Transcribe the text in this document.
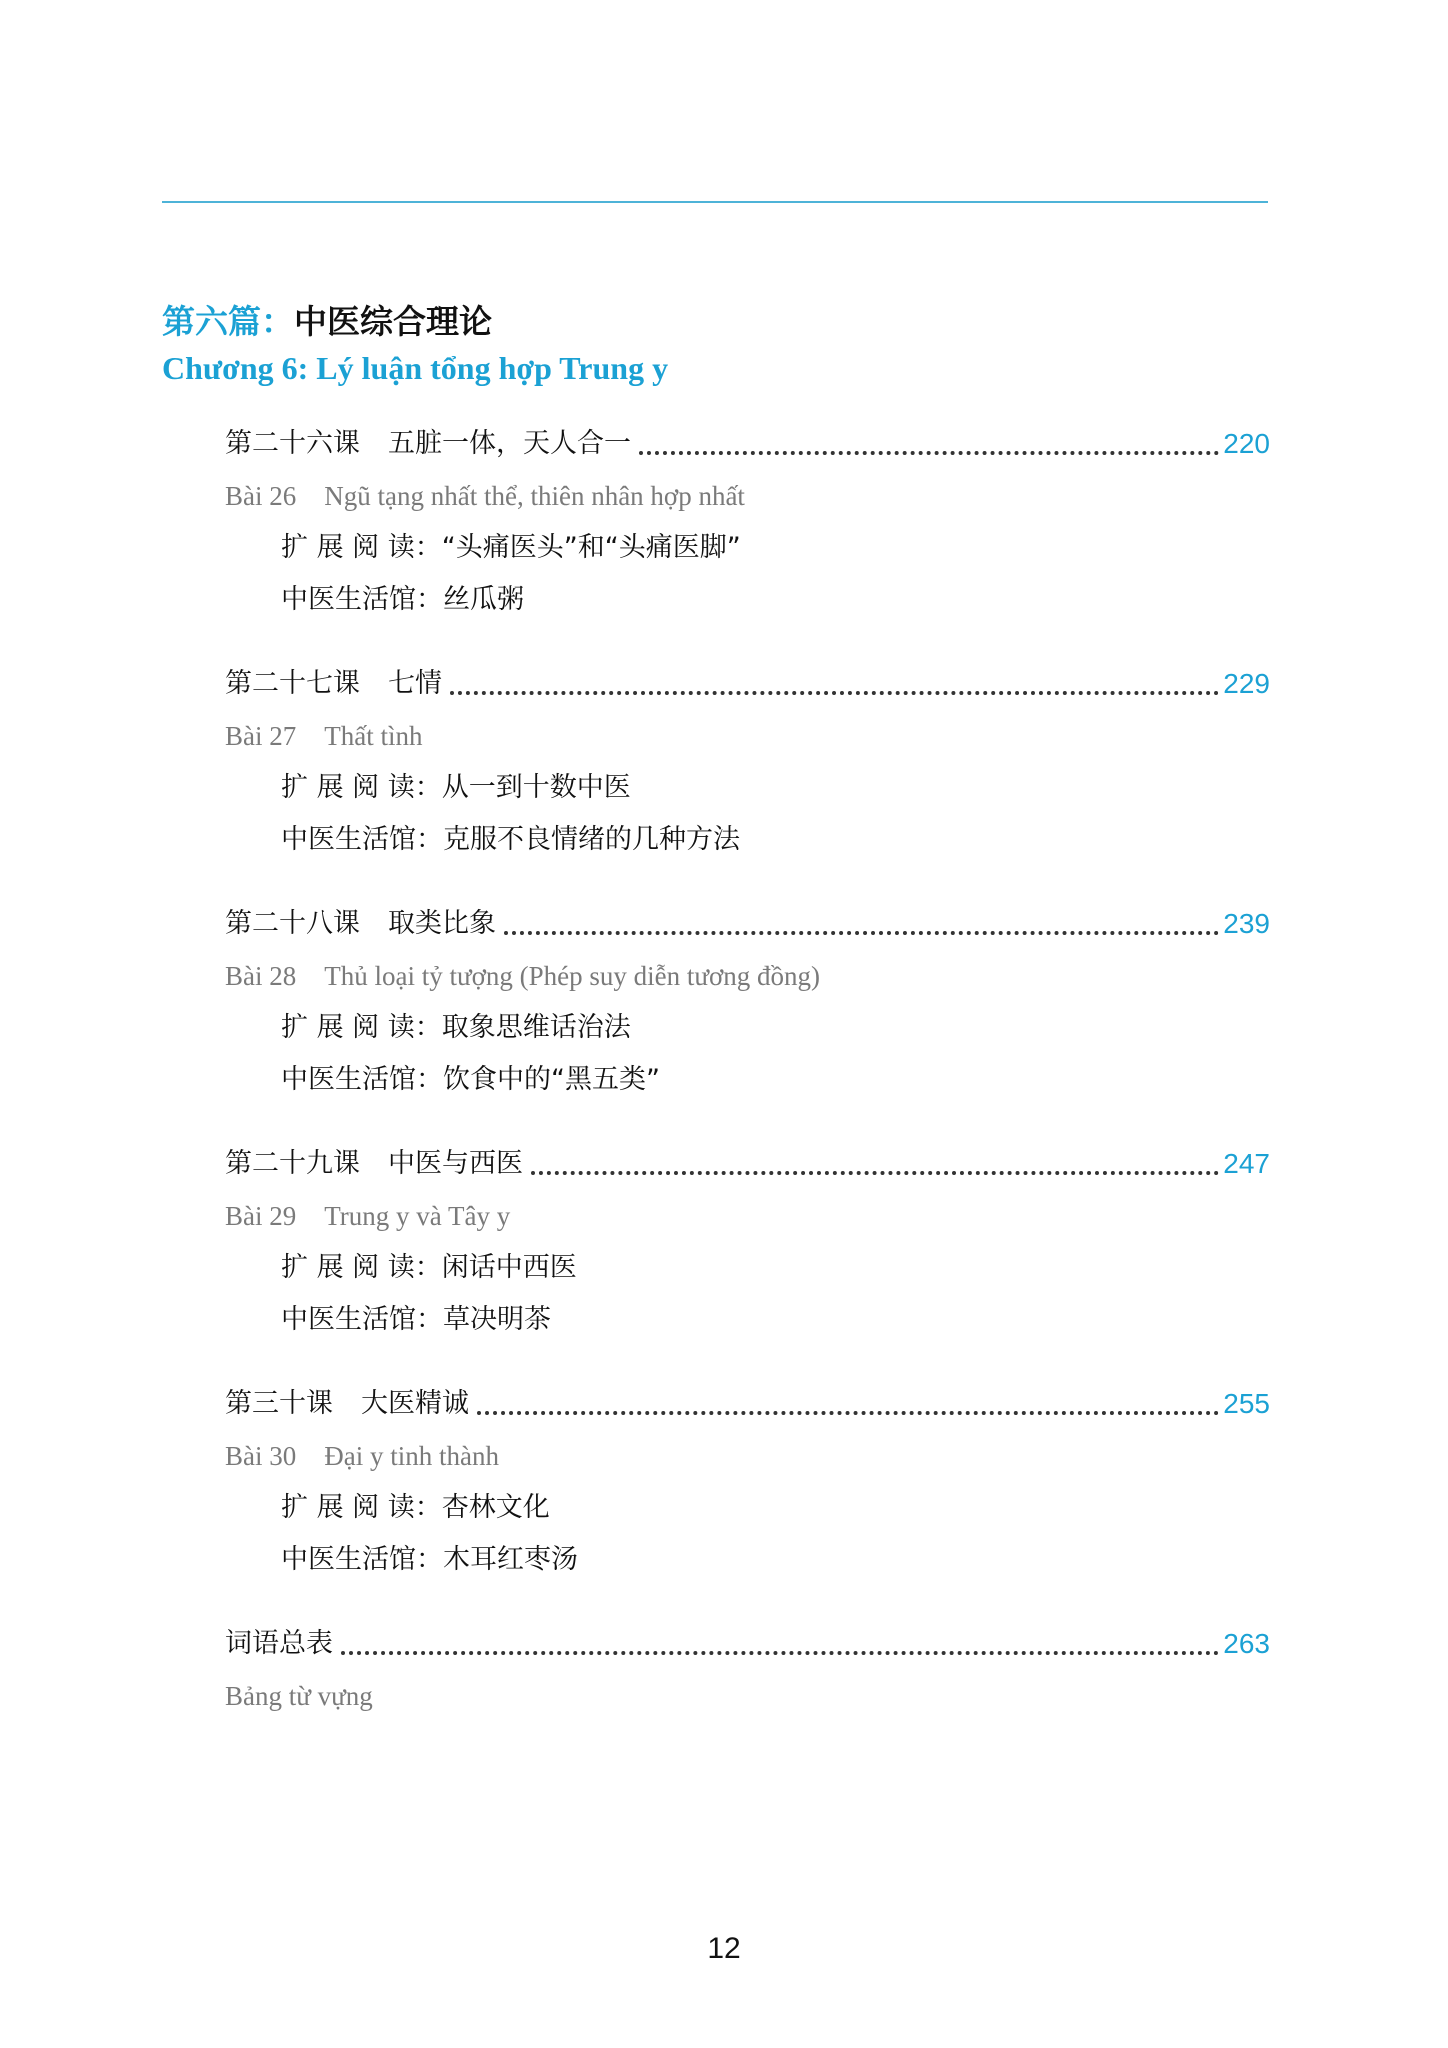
第六篇：中医综合理论
Chương 6: Lý luận tổng hợp Trung y
第二十六课 五脏一体，天人合一	220
Bài 26 Ngũ tạng nhất thể, thiên nhân hợp nhất
扩 展 阅 读：“头痛医头”和“头痛医脚”
中医生活馆：丝瓜粥
第二十七课 七情	229
Bài 27 Thất tình
扩 展 阅 读：从一到十数中医
中医生活馆：克服不良情绪的几种方法
第二十八课 取类比象	239
Bài 28 Thủ loại tỷ tượng (Phép suy diễn tương đồng)
扩 展 阅 读：取象思维话治法
中医生活馆：饮食中的“黑五类”
第二十九课 中医与西医	247
Bài 29 Trung y và Tây y
扩 展 阅 读：闲话中西医
中医生活馆：草决明茶
第三十课 大医精诚	255
Bài 30 Đại y tinh thành
扩 展 阅 读：杏林文化
中医生活馆：木耳红枣汤
词语总表	263
Bảng từ vựng
12
